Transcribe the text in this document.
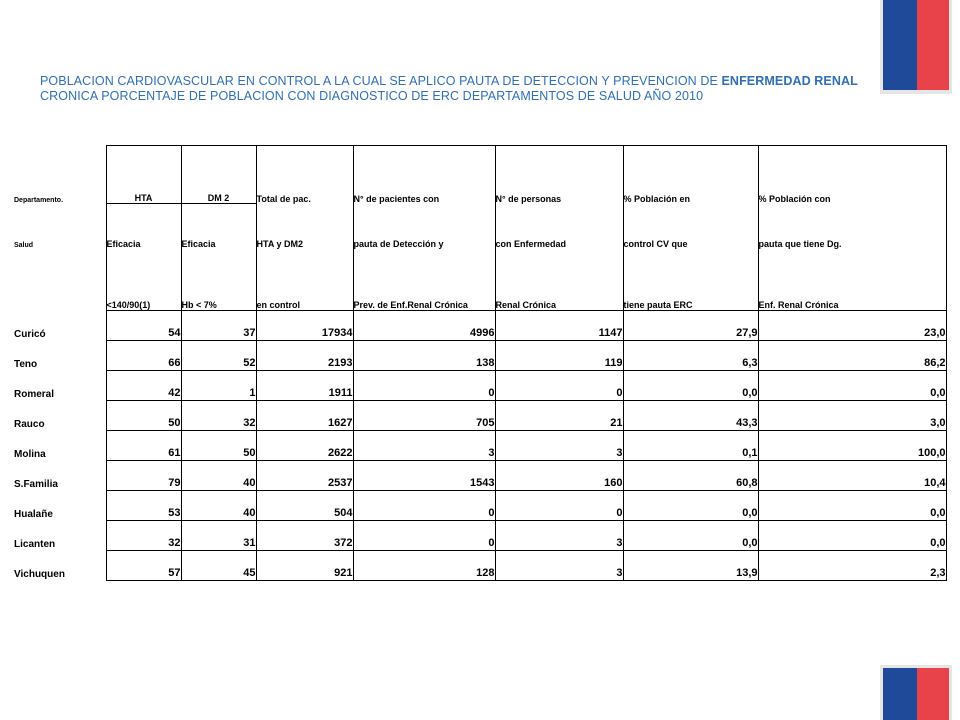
POBLACION CARDIOVASCULAR EN CONTROL A LA CUAL SE APLICO PAUTA DE DETECCION Y PREVENCION DE ENFERMEDAD RENAL
CRONICA PORCENTAJE DE POBLACION CON DIAGNOSTICO DE ERC DEPARTAMENTOS DE SALUD AÑO 2010
Departamento.	HTA	DM 2	Total de pac.	N° de pacientes con	N° de personas	% Población en	% Población con
Salud	Eficacia	Eficacia	HTA y DM2	pauta de Detección y	con Enfermedad	control CV que	pauta que tiene Dg.
	<140/90(1)	Hb < 7%	en control	Prev. de Enf.Renal Crónica	Renal Crónica	tiene pauta ERC	Enf. Renal Crónica
Curicó	54	37	17934	4996	1147	27,9	23,0
Teno	66	52	2193	138	119	6,3	86,2
Romeral	42	1	1911	0	0	0,0	0,0
Rauco	50	32	1627	705	21	43,3	3,0
Molina	61	50	2622	3	3	0,1	100,0
S.Familia	79	40	2537	1543	160	60,8	10,4
Hualañe	53	40	504	0	0	0,0	0,0
Licanten	32	31	372	0	3	0,0	0,0
Vichuquen	57	45	921	128	3	13,9	2,3
